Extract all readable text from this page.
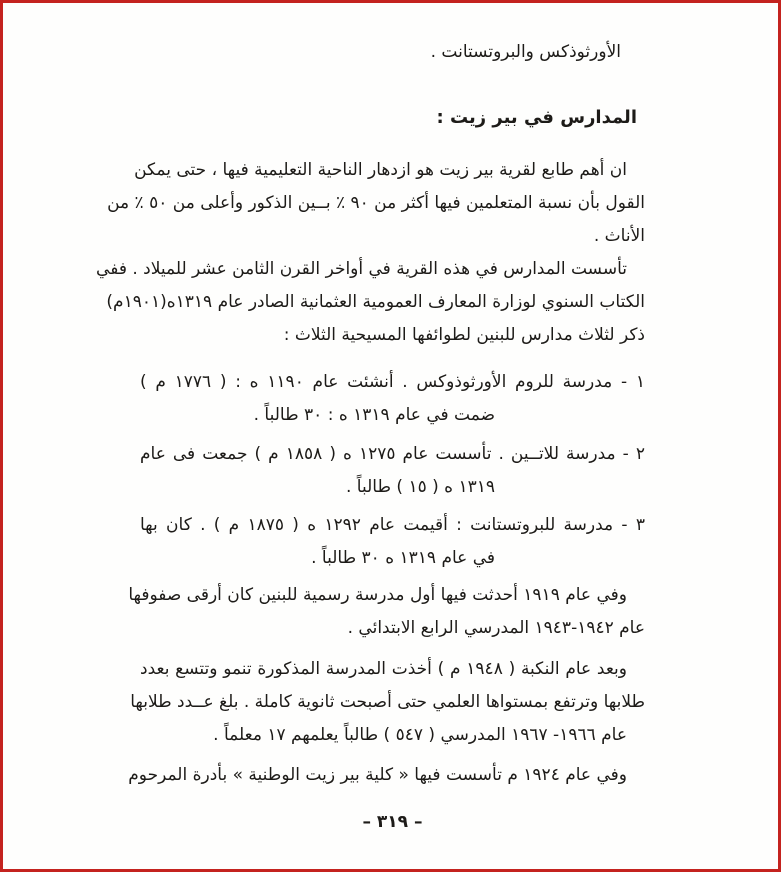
الأورثوذكس والبروتستانت .
المدارس في بير زيت :
ان أهم طابع لقرية بير زيت هو ازدهار الناحية التعليمية فيها ، حتى يمكن
القول بأن نسبة المتعلمين فيها أكثر من ٩٠ ٪ بــين الذكور وأعلى من ٥٠ ٪ من
الأناث .
تأسست المدارس في هذه القرية في أواخر القرن الثامن عشر للميلاد . ففي
الكتاب السنوي لوزارة المعارف العمومية العثمانية الصادر عام ١٣١٩ه(١٩٠١م)
ذكر لثلاث مدارس للبنين لطوائفها المسيحية الثلاث :
١ - مدرسة للروم الأورثوذوكس . أنشئت عام ١١٩٠ ه : ( ١٧٧٦ م )
ضمت في عام ١٣١٩ ه : ٣٠ طالباً .
٢ - مدرسة للاتــين . تأسست عام ١٢٧٥ ه ( ١٨٥٨ م ) جمعت فى عام
١٣١٩ ه ( ١٥ ) طالباً .
٣ - مدرسة للبروتستانت : أقيمت عام ١٢٩٢ ه ( ١٨٧٥ م ) . كان بها
في عام ١٣١٩ ه ٣٠ طالباً .
وفي عام ١٩١٩ أحدثت فيها أول مدرسة رسمية للبنين كان أرقى صفوفها
عام ١٩٤٢-١٩٤٣ المدرسي الرابع الابتدائي .
وبعد عام النكبة ( ١٩٤٨ م ) أخذت المدرسة المذكورة تنمو وتتسع بعدد
طلابها وترتفع بمستواها العلمي حتى أصبحت ثانوية كاملة . بلغ عــدد طلابها
عام ١٩٦٦- ١٩٦٧ المدرسي ( ٥٤٧ ) طالباً يعلمهم ١٧ معلماً .
وفي عام ١٩٢٤ م تأسست فيها « كلية بير زيت الوطنية » بأدرة المرحوم
– ٣١٩ –
